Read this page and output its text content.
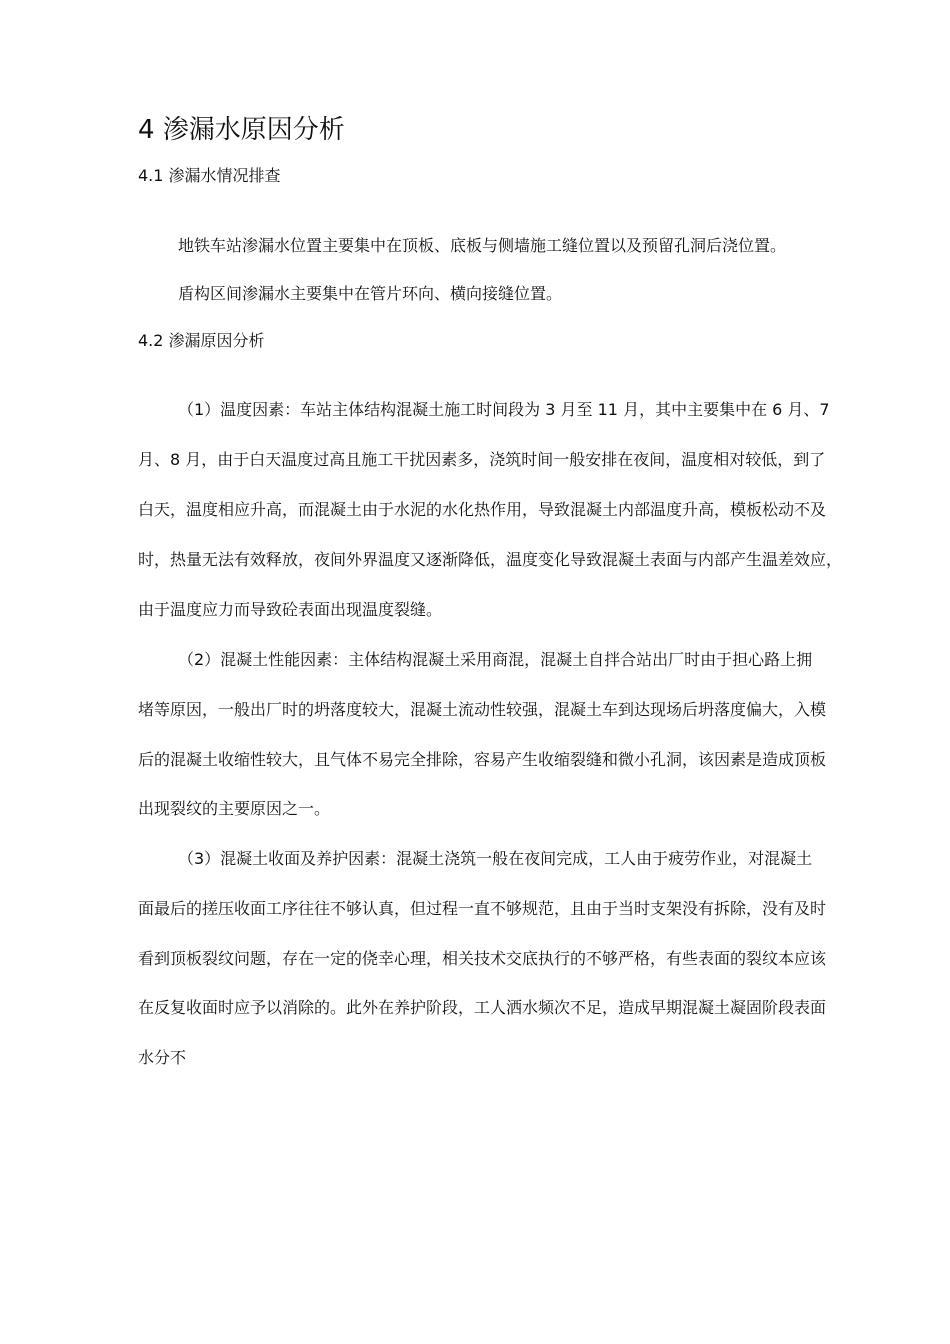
4 渗漏水原因分析
4.1 渗漏水情况排查

地铁车站渗漏水位置主要集中在顶板、底板与侧墙施工缝位置以及预留孔洞后浇位置。

盾构区间渗漏水主要集中在管片环向、横向接缝位置。

4.2 渗漏原因分析

（1）温度因素：车站主体结构混凝土施工时间段为 3 月至 11 月，其中主要集中在 6 月、7

月、8 月，由于白天温度过高且施工干扰因素多，浇筑时间一般安排在夜间，温度相对较低，到了

白天，温度相应升高，而混凝土由于水泥的水化热作用，导致混凝土内部温度升高，模板松动不及

时，热量无法有效释放，夜间外界温度又逐渐降低，温度变化导致混凝土表面与内部产生温差效应，

由于温度应力而导致砼表面出现温度裂缝。

（2）混凝土性能因素：主体结构混凝土采用商混，混凝土自拌合站出厂时由于担心路上拥

堵等原因，一般出厂时的坍落度较大，混凝土流动性较强，混凝土车到达现场后坍落度偏大，入模

后的混凝土收缩性较大，且气体不易完全排除，容易产生收缩裂缝和微小孔洞，该因素是造成顶板

出现裂纹的主要原因之一。

（3）混凝土收面及养护因素：混凝土浇筑一般在夜间完成，工人由于疲劳作业，对混凝土

面最后的搓压收面工序往往不够认真，但过程一直不够规范，且由于当时支架没有拆除，没有及时

看到顶板裂纹问题，存在一定的侥幸心理，相关技术交底执行的不够严格，有些表面的裂纹本应该

在反复收面时应予以消除的。此外在养护阶段，工人洒水频次不足，造成早期混凝土凝固阶段表面

水分不
